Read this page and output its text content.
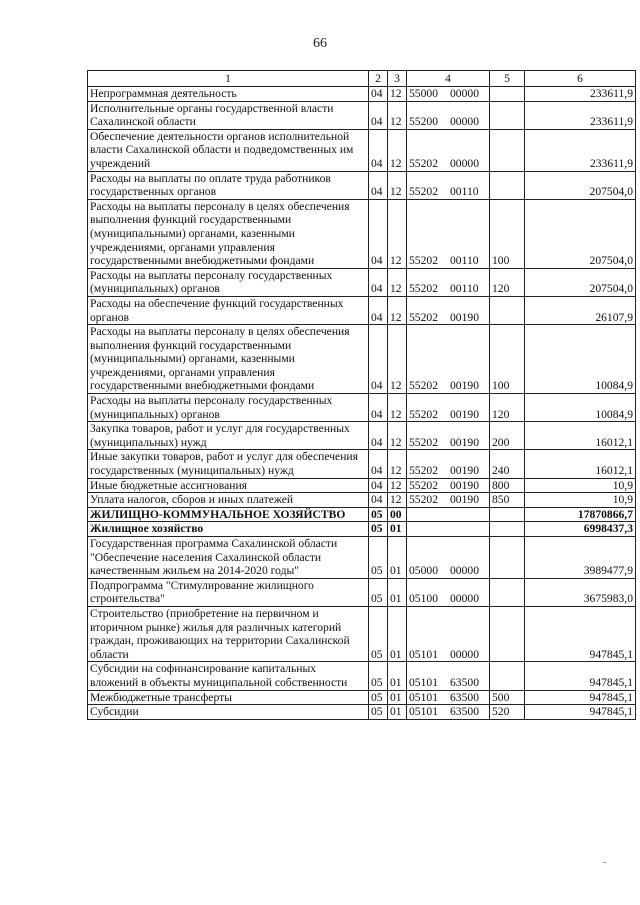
66
1	2	3	4	5	6
Непрограммная деятельность	04	12	55000 00000		233611,9
Исполнительные органы государственной власти Сахалинской области	04	12	55200 00000		233611,9
Обеспечение деятельности органов исполнительной власти Сахалинской области и подведомственных им учреждений	04	12	55202 00000		233611,9
Расходы на выплаты по оплате труда работников государственных органов	04	12	55202 00110		207504,0
Расходы на выплаты персоналу в целях обеспечения выполнения функций государственными (муниципальными) органами, казенными учреждениями, органами управления государственными внебюджетными фондами	04	12	55202 00110	100	207504,0
Расходы на выплаты персоналу государственных (муниципальных) органов	04	12	55202 00110	120	207504,0
Расходы на обеспечение функций государственных органов	04	12	55202 00190		26107,9
Расходы на выплаты персоналу в целях обеспечения выполнения функций государственными (муниципальными) органами, казенными учреждениями, органами управления государственными внебюджетными фондами	04	12	55202 00190	100	10084,9
Расходы на выплаты персоналу государственных (муниципальных) органов	04	12	55202 00190	120	10084,9
Закупка товаров, работ и услуг для государственных (муниципальных) нужд	04	12	55202 00190	200	16012,1
Иные закупки товаров, работ и услуг для обеспечения государственных (муниципальных) нужд	04	12	55202 00190	240	16012,1
Иные бюджетные ассигнования	04	12	55202 00190	800	10,9
Уплата налогов, сборов и иных платежей	04	12	55202 00190	850	10,9
ЖИЛИЩНО-КОММУНАЛЬНОЕ ХОЗЯЙСТВО	05	00			17870866,7
Жилищное хозяйство	05	01			6998437,3
Государственная программа Сахалинской области "Обеспечение населения Сахалинской области качественным жильем на 2014-2020 годы"	05	01	05000 00000		3989477,9
Подпрограмма "Стимулирование жилищного строительства"	05	01	05100 00000		3675983,0
Строительство (приобретение на первичном и вторичном рынке) жилья для различных категорий граждан, проживающих на территории Сахалинской области	05	01	05101 00000		947845,1
Субсидии на софинансирование капитальных вложений в объекты муниципальной собственности	05	01	05101 63500		947845,1
Межбюджетные трансферты	05	01	05101 63500	500	947845,1
Субсидии	05	01	05101 63500	520	947845,1
